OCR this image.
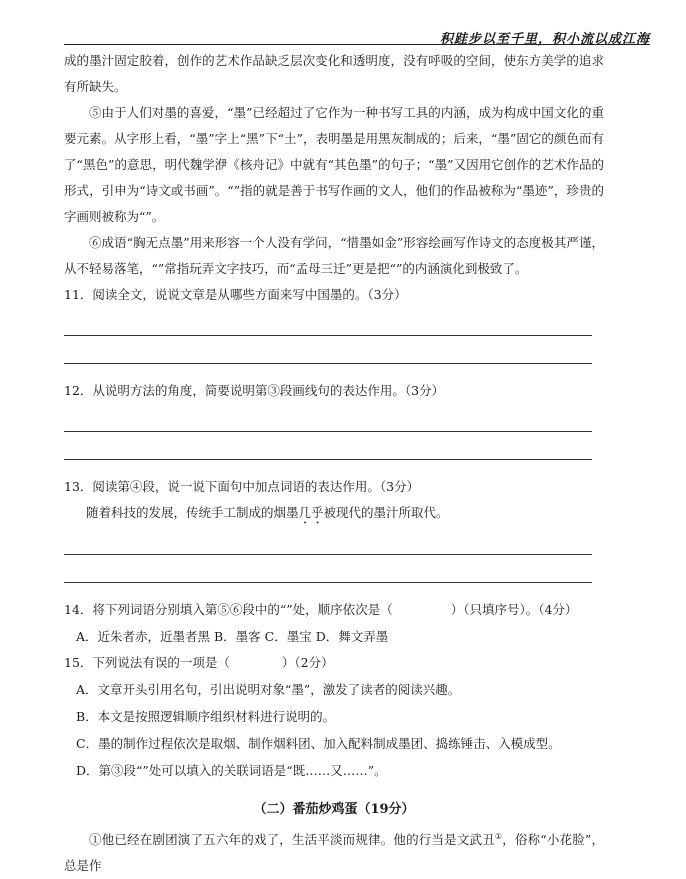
积跬步以至千里，积小流以成江海

成的墨汁固定胶着，创作的艺术作品缺乏层次变化和透明度，没有呼吸的空间，使东方美学的追求有所缺失。

⑤由于人们对墨的喜爱，“墨”已经超过了它作为一种书写工具的内涵，成为构成中国文化的重要元素。从字形上看，“墨”字上“黑”下“土”，表明墨是用黑灰制成的；后来，“墨”固它的颜色而有了“黑色”的意思，明代魏学洢《核舟记》中就有“其色墨”的句子；“墨”又因用它创作的艺术作品的形式，引申为“诗文或书画”。“”指的就是善于书写作画的文人，他们的作品被称为“墨迹”，珍贵的字画则被称为“”。

⑥成语“胸无点墨”用来形容一个人没有学问，“惜墨如金”形容绘画写作诗文的态度极其严谨，从不轻易落笔，“”常指玩弄文字技巧，而“孟母三迁”更是把“”的内涵演化到极致了。

11．阅读全文，说说文章是从哪些方面来写中国墨的。（3分）

12．从说明方法的角度，简要说明第③段画线句的表达作用。（3分）

13．阅读第④段，说一说下面句中加点词语的表达作用。（3分）

随着科技的发展，传统手工制成的烟墨几乎被现代的墨汁所取代。

14．将下列词语分别填入第⑤⑥段中的“”处，顺序依次是（	）（只填序号）。（4分）

A．近朱者赤，近墨者黑 B．墨客 C．墨宝 D．舞文弄墨

15．下列说法有误的一项是（	）（2分）

A．文章开头引用名句，引出说明对象“墨”，激发了读者的阅读兴趣。

B．本文是按照逻辑顺序组织材料进行说明的。

C．墨的制作过程依次是取烟、制作烟料团、加入配料制成墨团、捣练锤击、入模成型。

D．第③段“”处可以填入的关联词语是“既……又……”。

（二）番茄炒鸡蛋（19分）

①他已经在剧团演了五六年的戏了，生活平淡而规律。他的行当是文武丑①，俗称“小花脸”，总是作
